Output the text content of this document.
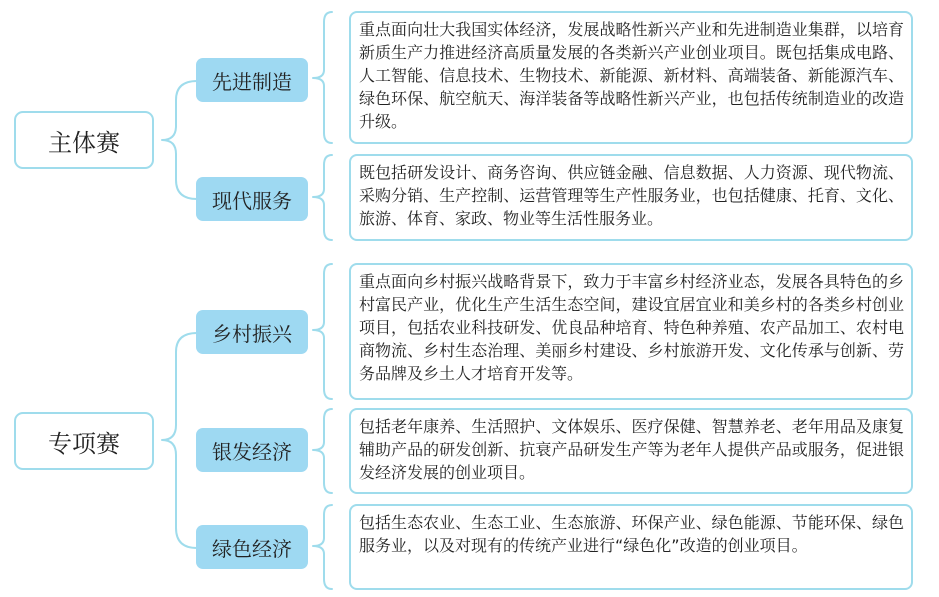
主体赛
专项赛
先进制造
现代服务
乡村振兴
银发经济
绿色经济
重点面向壮大我国实体经济，发展战略性新兴产业和先进制造业集群，以培育新质生产力推进经济高质量发展的各类新兴产业创业项目。既包括集成电路、人工智能、信息技术、生物技术、新能源、新材料、高端装备、新能源汽车、绿色环保、航空航天、海洋装备等战略性新兴产业，也包括传统制造业的改造升级。
既包括研发设计、商务咨询、供应链金融、信息数据、人力资源、现代物流、采购分销、生产控制、运营管理等生产性服务业，也包括健康、托育、文化、旅游、体育、家政、物业等生活性服务业。
重点面向乡村振兴战略背景下，致力于丰富乡村经济业态，发展各具特色的乡村富民产业，优化生产生活生态空间，建设宜居宜业和美乡村的各类乡村创业项目，包括农业科技研发、优良品种培育、特色种养殖、农产品加工、农村电商物流、乡村生态治理、美丽乡村建设、乡村旅游开发、文化传承与创新、劳务品牌及乡土人才培育开发等。
包括老年康养、生活照护、文体娱乐、医疗保健、智慧养老、老年用品及康复辅助产品的研发创新、抗衰产品研发生产等为老年人提供产品或服务，促进银发经济发展的创业项目。
包括生态农业、生态工业、生态旅游、环保产业、绿色能源、节能环保、绿色服务业，以及对现有的传统产业进行“绿色化”改造的创业项目。
